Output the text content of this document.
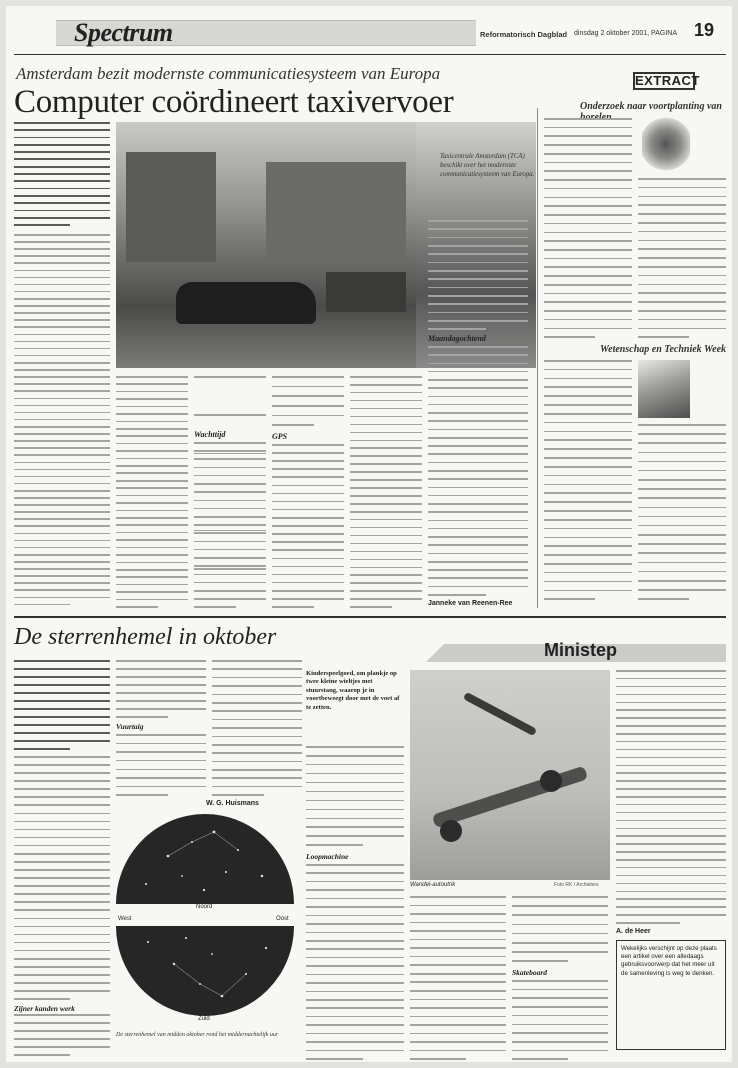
Spectrum	Reformatorisch Dagblad dinsdag 2 oktober 2001, PAGINA 19
Amsterdam bezit modernste communicatiesysteem van Europa
Computer coördineert taxivervoer
EXTRACT
Onderzoek naar voortplanting van
Taxicentrale Amsterdam (TCA) beschikt over het modernste communicatiesysteem van Europa.
Wachttijd	GPS
Maandagochtend
Janneke van Reenen-Ree
Wetenschap en Techniek Week
De sterrenhemel in oktober
Zijner kanden werk
Vuurtaig
W. G. Huismans
Noord
Zuid
West	Oost
De sterrenhemel van midden oktober rond het middernachtelijk uur
Ministep
Kinderspeelgoed, om plankje op twee kleine wieltjes met stuurstang, waarop je in voortbeweegt door met de voet af te zetten.
Loopmachine
Foto RK / Archiebes
Wandel-autoutrik
Skateboard
A. de Heer
Wekelijks verschijnt op deze plaats een artikel over een alledaags gebruiksvoorwerp dat het meer uit de samenleving is weg te denken.
